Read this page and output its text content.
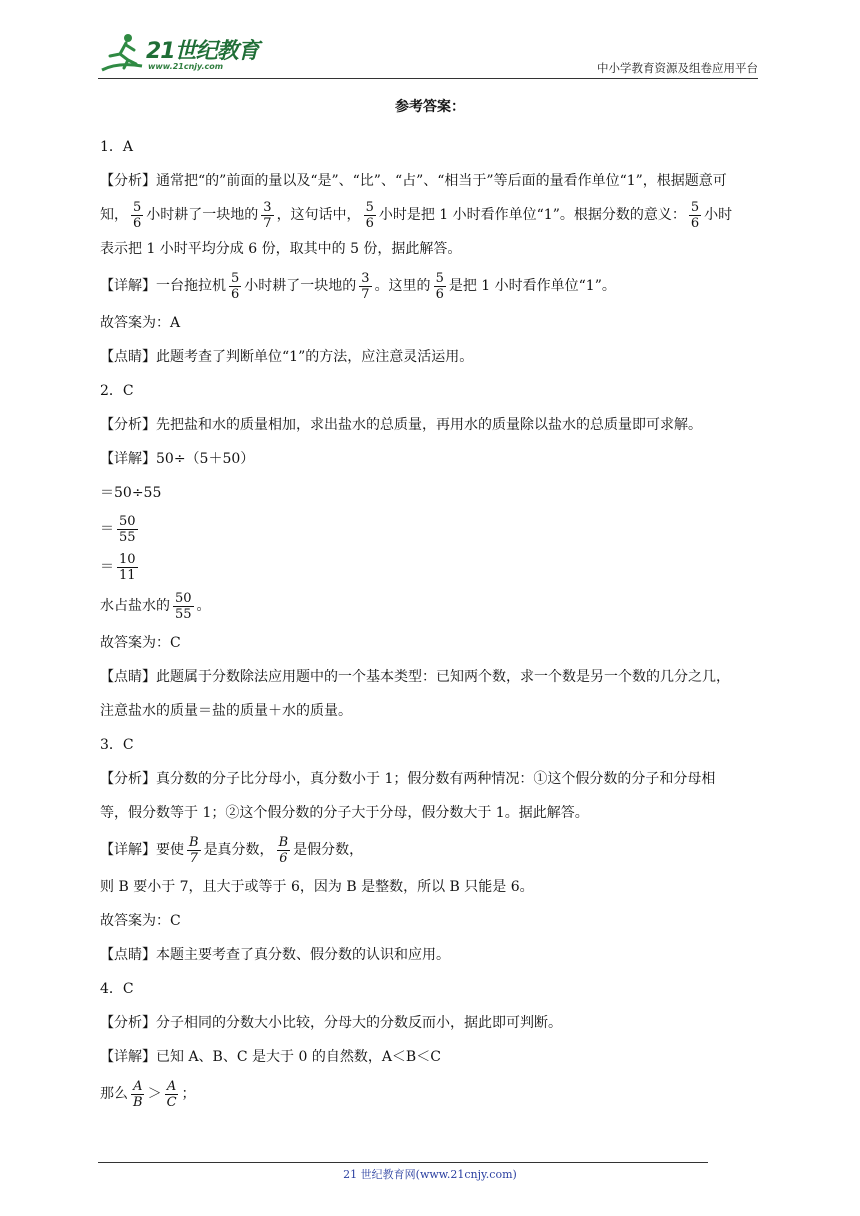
21世纪教育
www.21cnjy.com	中小学教育资源及组卷应用平台
参考答案：
1．A
【分析】通常把“的”前面的量以及“是”、“比”、“占”、“相当于”等后面的量看作单位“1”，根据题意可
知， $\frac{5}{6}$ 小时耕了一块地的 $\frac{3}{7}$ ，这句话中， $\frac{5}{6}$ 小时是把 1 小时看作单位“1”。根据分数的意义： $\frac{5}{6}$ 小时
表示把 1 小时平均分成 6 份，取其中的 5 份，据此解答。
【详解】一台拖拉机 $\frac{5}{6}$ 小时耕了一块地的 $\frac{3}{7}$ 。这里的 $\frac{5}{6}$ 是把 1 小时看作单位“1”。
故答案为：A
【点睛】此题考查了判断单位“1”的方法，应注意灵活运用。
2．C
【分析】先把盐和水的质量相加，求出盐水的总质量，再用水的质量除以盐水的总质量即可求解。
【详解】50÷（5＋50）
＝50÷55
＝ $\frac{50}{55}$
＝ $\frac{10}{11}$
水占盐水的 $\frac{50}{55}$ 。
故答案为：C
【点睛】此题属于分数除法应用题中的一个基本类型：已知两个数，求一个数是另一个数的几分之几，
注意盐水的质量＝盐的质量＋水的质量。
3．C
【分析】真分数的分子比分母小，真分数小于 1；假分数有两种情况：①这个假分数的分子和分母相
等，假分数等于 1；②这个假分数的分子大于分母，假分数大于 1。据此解答。
【详解】要使 $\frac{B}{7}$ 是真分数， $\frac{B}{6}$ 是假分数，
则 B 要小于 7，且大于或等于 6，因为 B 是整数，所以 B 只能是 6。
故答案为：C
【点睛】本题主要考查了真分数、假分数的认识和应用。
4．C
【分析】分子相同的分数大小比较，分母大的分数反而小，据此即可判断。
【详解】已知 A、B、C 是大于 0 的自然数，A＜B＜C
那么 $\frac{A}{B} > \frac{A}{C}$ ；
21 世纪教育网(www.21cnjy.com)
